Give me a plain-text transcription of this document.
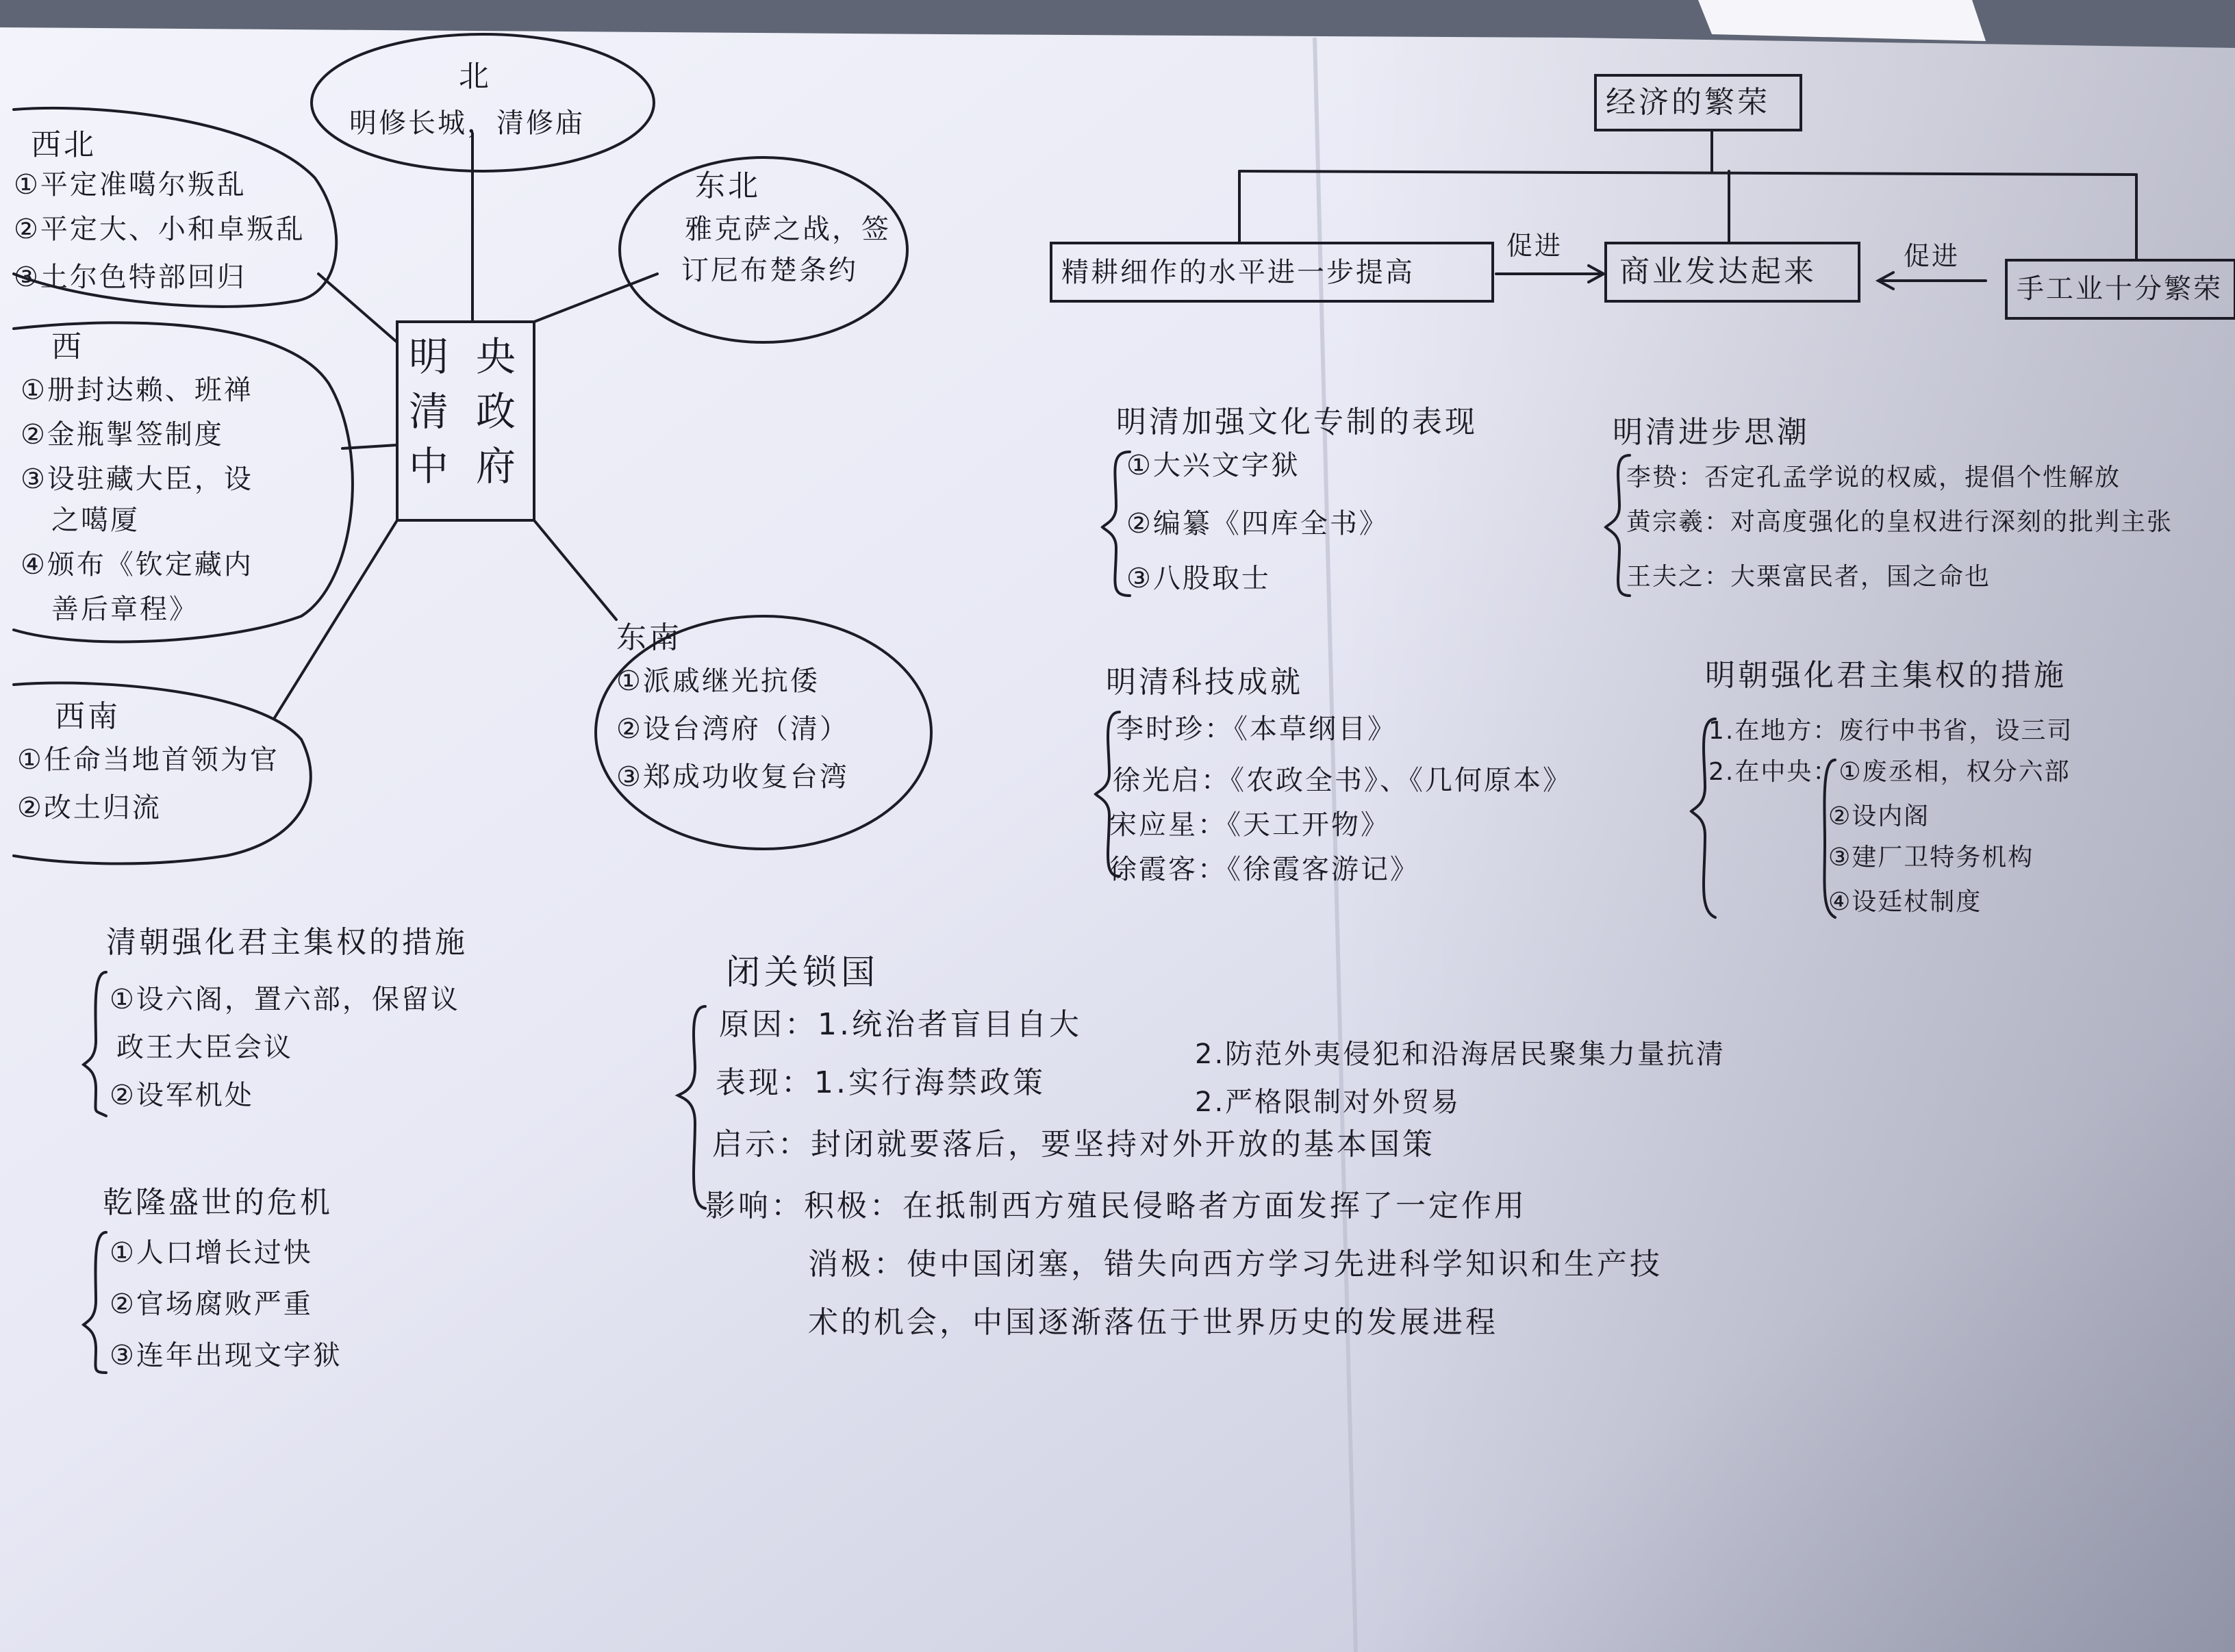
明清中 央政府
北
明修长城，清修庙
西北
①平定准噶尔叛乱
②平定大、小和卓叛乱
③土尔色特部回归
东北
雅克萨之战，签
订尼布楚条约
西
①册封达赖、班禅
②金瓶掣签制度
③设驻藏大臣，设
之噶厦
④颁布《钦定藏内
善后章程》
东南
①派戚继光抗倭
②设台湾府（清）
③郑成功收复台湾
西南
①任命当地首领为官
②改土归流
经济的繁荣
精耕细作的水平进一步提高	商业发达起来	手工业十分繁荣
促进	促进
明清加强文化专制的表现
①大兴文字狱
②编纂《四库全书》
③八股取士
明清进步思潮
李贽：否定孔孟学说的权威，提倡个性解放
黄宗羲：对高度强化的皇权进行深刻的批判主张
王夫之：大栗富民者，国之命也
明清科技成就
李时珍：《本草纲目》
徐光启：《农政全书》、《几何原本》
宋应星：《天工开物》
徐霞客：《徐霞客游记》
明朝强化君主集权的措施
1.在地方：废行中书省，设三司
2.在中央：①废丞相，权分六部
②设内阁
③建厂卫特务机构
④设廷杖制度
清朝强化君主集权的措施
①设六阁，置六部，保留议
政王大臣会议
②设军机处
乾隆盛世的危机
①人口增长过快
②官场腐败严重
③连年出现文字狱
闭关锁国
原因：1.统治者盲目自大
2.防范外夷侵犯和沿海居民聚集力量抗清
表现：1.实行海禁政策
2.严格限制对外贸易
启示：封闭就要落后，要坚持对外开放的基本国策
影响：积极：在抵制西方殖民侵略者方面发挥了一定作用
消极：使中国闭塞，错失向西方学习先进科学知识和生产技
术的机会，中国逐渐落伍于世界历史的发展进程
